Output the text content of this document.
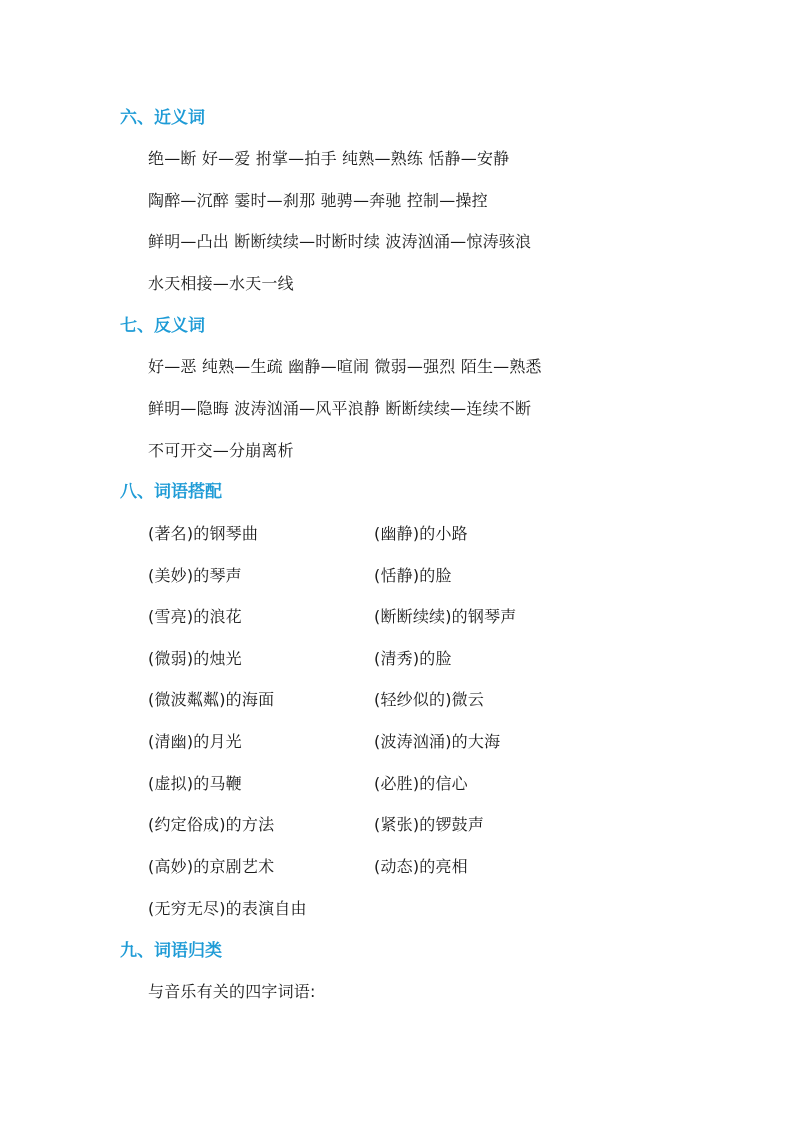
六、近义词
绝—断 好—爱 拊掌—拍手 纯熟—熟练 恬静—安静
陶醉—沉醉 霎时—刹那 驰骋—奔驰 控制—操控
鲜明—凸出 断断续续—时断时续 波涛汹涌—惊涛骇浪
水天相接—水天一线
七、反义词
好—恶 纯熟—生疏 幽静—喧闹 微弱—强烈 陌生—熟悉
鲜明—隐晦 波涛汹涌—风平浪静 断断续续—连续不断
不可开交—分崩离析
八、词语搭配
(著名)的钢琴曲	(幽静)的小路
(美妙)的琴声	(恬静)的脸
(雪亮)的浪花	(断断续续)的钢琴声
(微弱)的烛光	(清秀)的脸
(微波粼粼)的海面	(轻纱似的)微云
(清幽)的月光	(波涛汹涌)的大海
(虚拟)的马鞭	(必胜)的信心
(约定俗成)的方法	(紧张)的锣鼓声
(高妙)的京剧艺术	(动态)的亮相
(无穷无尽)的表演自由
九、词语归类
与音乐有关的四字词语:
